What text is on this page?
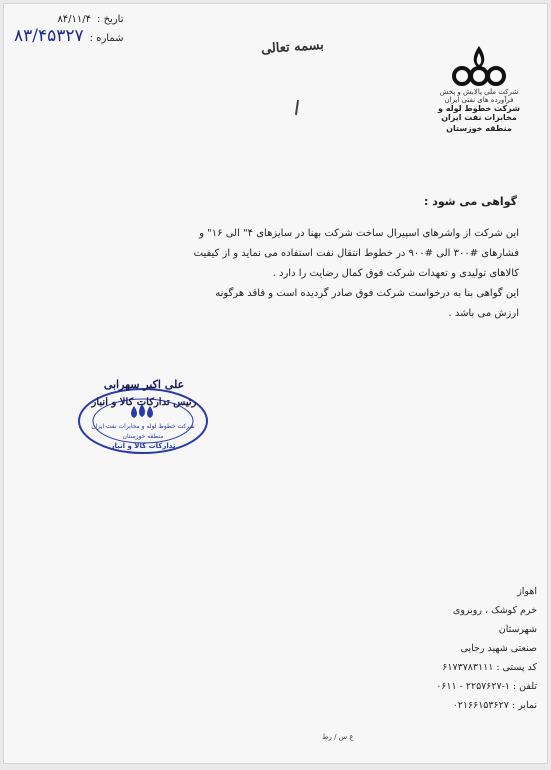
تاریخ :
۸۴/۱۱/۴
شماره :
۸۳/۴۵۳۲۷
بسمه تعالی
شرکت ملی پالایش و پخش فرآورده های نفتی ایران
شرکت خطوط لوله و مخابرات نفت ایران
منطقه خوزستان
گواهی می شود :

این شرکت از واشرهای اسپیرال ساخت شرکت بهنا در سایزهای ۴" الی ۱۶" و

فشارهای #۳۰۰ الی #۹۰۰ در خطوط انتقال نفت استفاده می نماید و از کیفیت

کالاهای تولیدی و تعهدات شرکت فوق کمال رضایت را دارد .

این گواهی بنا به درخواست شرکت فوق صادر گردیده است و فاقد هرگونه

ارزش می باشد .

شرکت خطوط لوله و مخابرات نفت ایران
منطقه خوزستان
تدارکات کالا و انبار
علی اکبر سهرابی
رئیس تدارکات کالا و انبار
اهواز
خرم کوشک ، روبروی شهرستان
صنعتی شهید رجایی
کد پستی : ۶۱۷۳۷۸۳۱۱۱
تلفن : ۱-۲۲۵۷۶۲۷ - ۰۶۱۱
نمابر : ۰۲۱۶۶۱۵۳۶۲۷
ع س / رط
